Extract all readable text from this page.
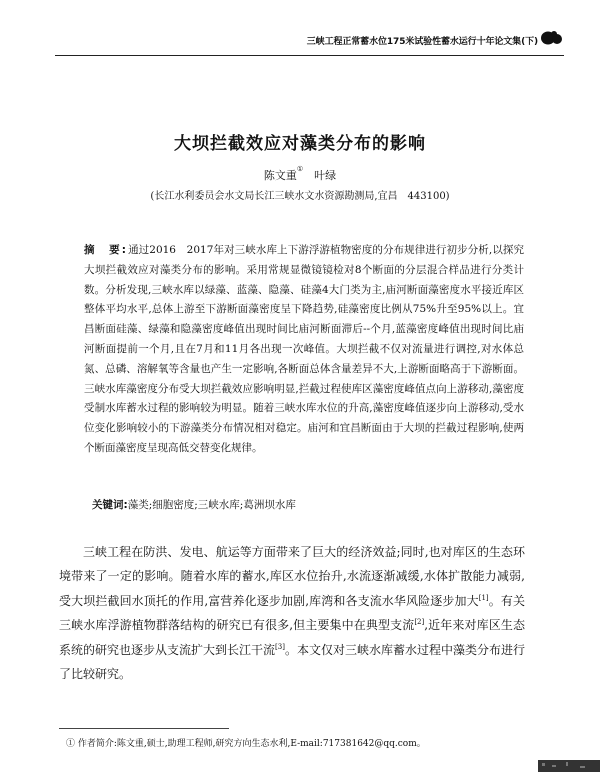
三峡工程正常蓄水位175米试验性蓄水运行十年论文集(下)
大坝拦截效应对藻类分布的影响
陈文重①　 叶绿
(长江水利委员会水文局长江三峡水文水资源勘测局,宜昌　443100)

摘　要:通过2016　2017年对三峡水库上下游浮游植物密度的分布规律进行初步分析,以探究大坝拦截效应对藻类分布的影响。采用常规显微镜镜检对8个断面的分层混合样品进行分类计数。分析发现,三峡水库以绿藻、蓝藻、隐藻、硅藻4大门类为主,庙河断面藻密度水平接近库区整体平均水平,总体上游至下游断面藻密度呈下降趋势,硅藻密度比例从75%升至95%以上。宜昌断面硅藻、绿藻和隐藻密度峰值出现时间比庙河断面滞后--个月,蓝藻密度峰值出现时间比庙河断面提前一个月,且在7月和11月各出现一次峰值。大坝拦截不仅对流量进行调控,对水体总氮、总磷、溶解氧等含量也产生一定影响,各断面总体含量差异不大,上游断面略高于下游断面。三峡水库藻密度分布受大坝拦截效应影响明显,拦截过程使库区藻密度峰值点向上游移动,藻密度受制水库蓄水过程的影响较为明显。随着三峡水库水位的升高,藻密度峰值逐步向上游移动,受水位变化影响较小的下游藻类分布情况相对稳定。庙河和宜昌断面由于大坝的拦截过程影响,使两个断面藻密度呈现高低交替变化规律。

关键词:藻类;细胞密度;三峡水库;葛洲坝水库

三峡工程在防洪、发电、航运等方面带来了巨大的经济效益;同时,也对库区的生态环境带来了一定的影响。随着水库的蓄水,库区水位抬升,水流逐渐减缓,水体扩散能力减弱,受大坝拦截回水顶托的作用,富营养化逐步加剧,库湾和各支流水华风险逐步加大[1]。有关三峡水库浮游植物群落结构的研究已有很多,但主要集中在典型支流[2],近年来对库区生态系统的研究也逐步从支流扩大到长江干流[3]。本文仅对三峡水库蓄水过程中藻类分布进行了比较研究。

① 作者简介:陈文重,硕士,助理工程师,研究方向生态水利,E-mail:717381642@qq.com。
